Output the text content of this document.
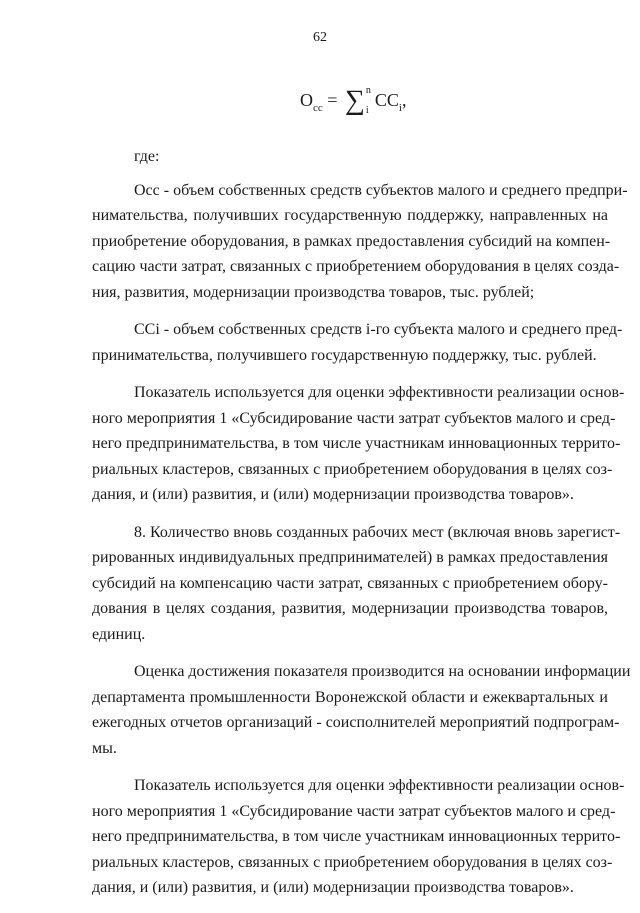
62
$O_{cc}$ = ∑ n
i
$CC_i$,
где:
Осс - объем собственных средств субъектов малого и среднего предпри-
нимательства, получивших государственную поддержку, направленных на
приобретение оборудования, в рамках предоставления субсидий на компен-
сацию части затрат, связанных с приобретением оборудования в целях созда-
ния, развития, модернизации производства товаров, тыс. рублей;
ССi - объем собственных средств i-го субъекта малого и среднего пред-
принимательства, получившего государственную поддержку, тыс. рублей.
Показатель используется для оценки эффективности реализации основ-
ного мероприятия 1 «Субсидирование части затрат субъектов малого и сред-
него предпринимательства, в том числе участникам инновационных террито-
риальных кластеров, связанных с приобретением оборудования в целях соз-
дания, и (или) развития, и (или) модернизации производства товаров».
8. Количество вновь созданных рабочих мест (включая вновь зарегист-
рированных индивидуальных предпринимателей) в рамках предоставления
субсидий на компенсацию части затрат, связанных с приобретением обору-
дования в целях создания, развития, модернизации производства товаров,
единиц.
Оценка достижения показателя производится на основании информации
департамента промышленности Воронежской области и ежеквартальных и
ежегодных отчетов организаций - соисполнителей мероприятий подпрограм-
мы.
Показатель используется для оценки эффективности реализации основ-
ного мероприятия 1 «Субсидирование части затрат субъектов малого и сред-
него предпринимательства, в том числе участникам инновационных террито-
риальных кластеров, связанных с приобретением оборудования в целях соз-
дания, и (или) развития, и (или) модернизации производства товаров».
